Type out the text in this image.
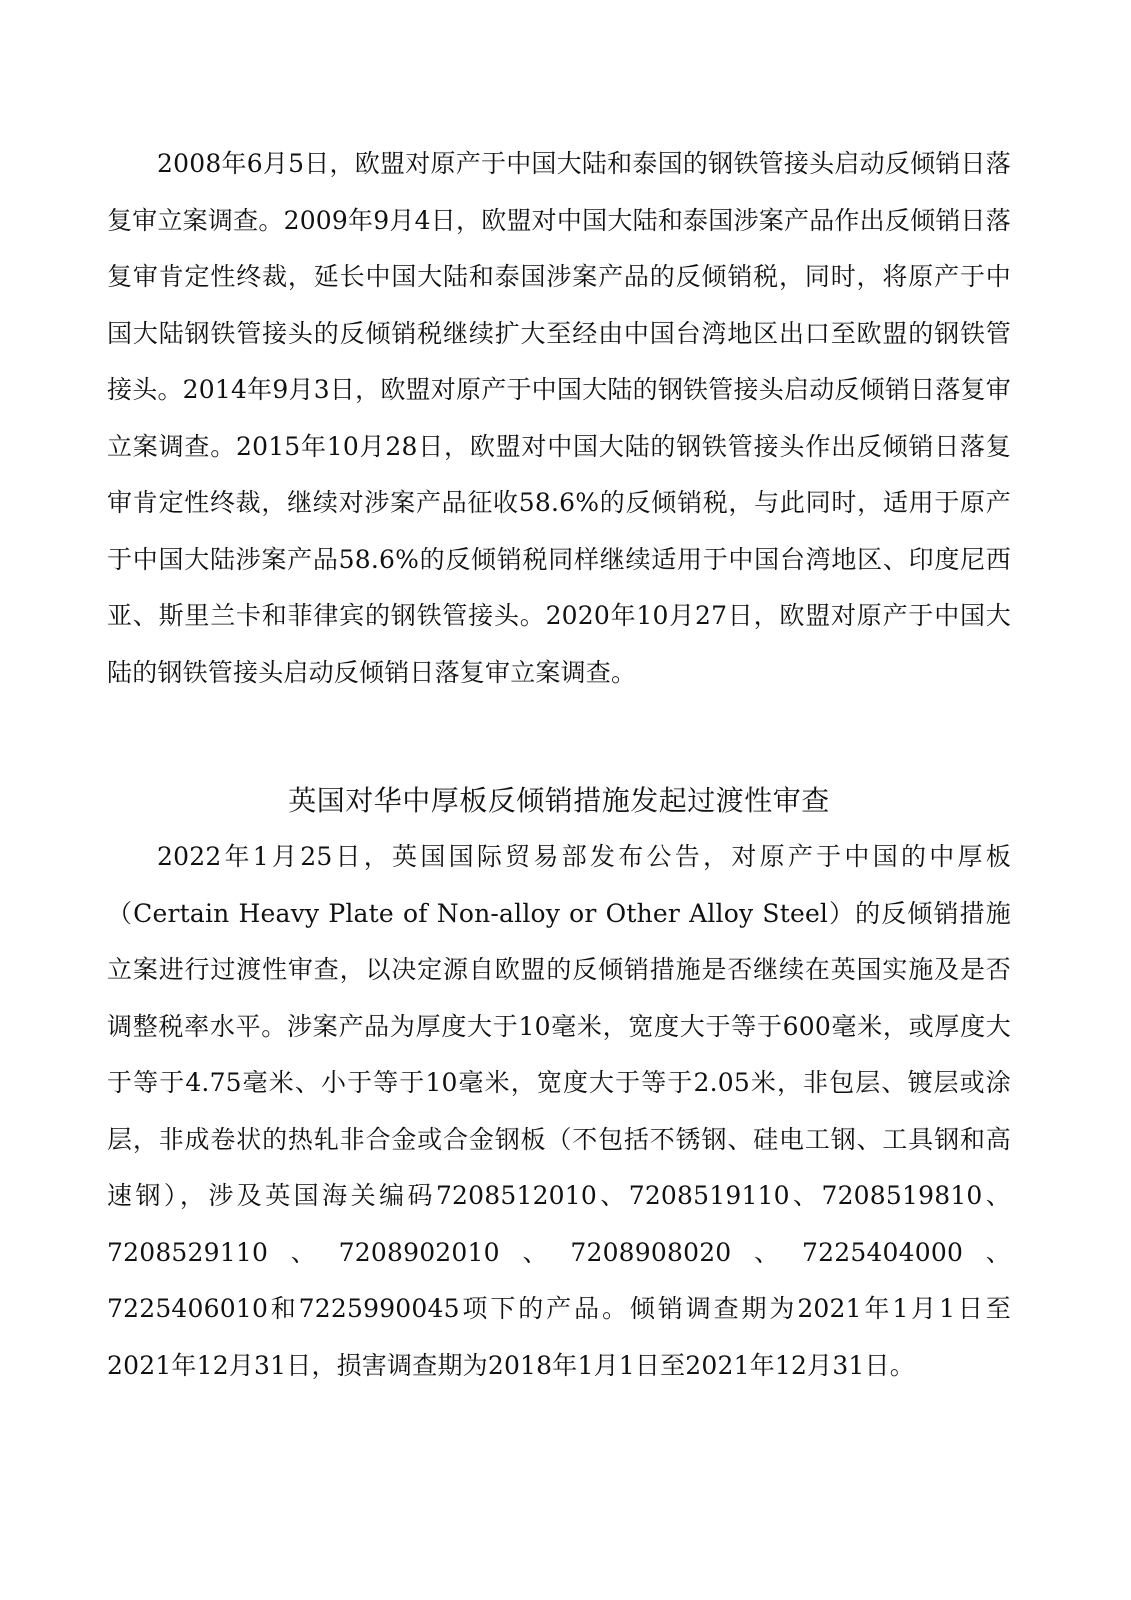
2008年6月5日，欧盟对原产于中国大陆和泰国的钢铁管接头启动反倾销日落复审立案调查。2009年9月4日，欧盟对中国大陆和泰国涉案产品作出反倾销日落复审肯定性终裁，延长中国大陆和泰国涉案产品的反倾销税，同时，将原产于中国大陆钢铁管接头的反倾销税继续扩大至经由中国台湾地区出口至欧盟的钢铁管接头。2014年9月3日，欧盟对原产于中国大陆的钢铁管接头启动反倾销日落复审立案调查。2015年10月28日，欧盟对中国大陆的钢铁管接头作出反倾销日落复审肯定性终裁，继续对涉案产品征收58.6%的反倾销税，与此同时，适用于原产于中国大陆涉案产品58.6%的反倾销税同样继续适用于中国台湾地区、印度尼西亚、斯里兰卡和菲律宾的钢铁管接头。2020年10月27日，欧盟对原产于中国大陆的钢铁管接头启动反倾销日落复审立案调查。

英国对华中厚板反倾销措施发起过渡性审查

2022年1月25日，英国国际贸易部发布公告，对原产于中国的中厚板（Certain Heavy Plate of Non-alloy or Other Alloy Steel）的反倾销措施立案进行过渡性审查，以决定源自欧盟的反倾销措施是否继续在英国实施及是否调整税率水平。涉案产品为厚度大于10毫米，宽度大于等于600毫米，或厚度大于等于4.75毫米、小于等于10毫米，宽度大于等于2.05米，非包层、镀层或涂层，非成卷状的热轧非合金或合金钢板（不包括不锈钢、硅电工钢、工具钢和高速钢），涉及英国海关编码7208512010、7208519110、7208519810、7208529110、7208902010、7208908020、7225404000、7225406010和7225990045项下的产品。倾销调查期为2021年1月1日至2021年12月31日，损害调查期为2018年1月1日至2021年12月31日。
